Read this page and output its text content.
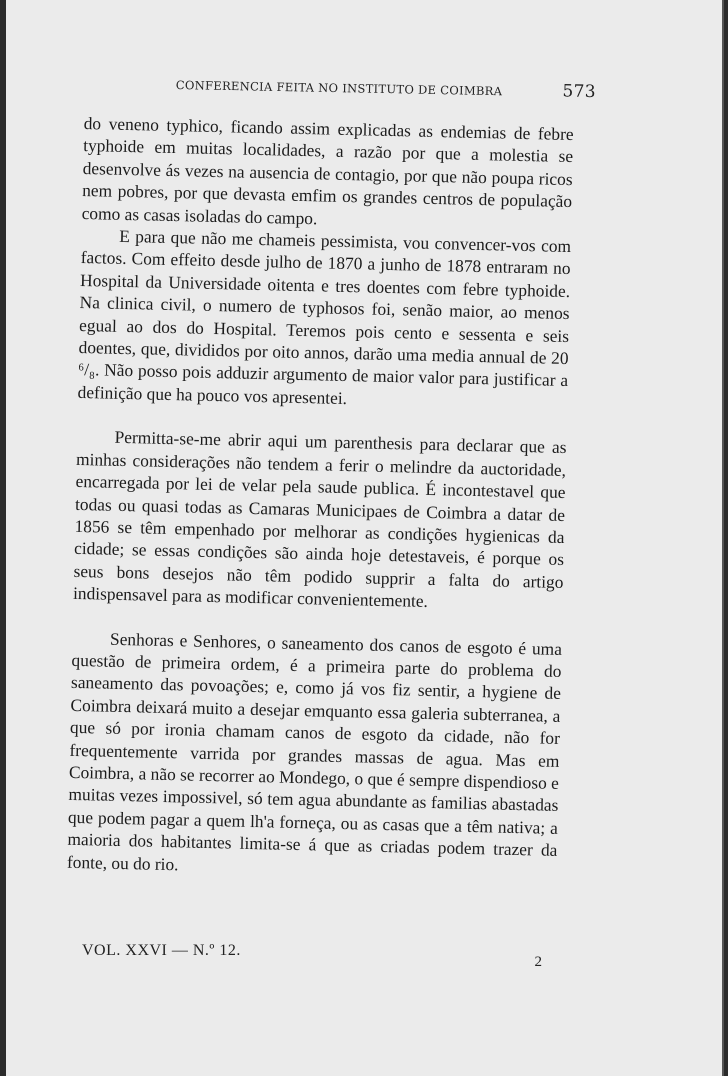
CONFERENCIA FEITA NO INSTITUTO DE COIMBRA	573

do veneno typhico, ficando assim explicadas as endemias de febre typhoide em muitas localidades, a razão por que a molestia se desenvolve ás vezes na ausencia de contagio, por que não poupa ricos nem pobres, por que devasta emfim os grandes centros de população como as casas isoladas do campo.

E para que não me chameis pessimista, vou convencer-vos com factos. Com effeito desde julho de 1870 a junho de 1878 entraram no Hospital da Universidade oitenta e tres doentes com febre typhoide. Na clinica civil, o numero de typhosos foi, senão maior, ao menos egual ao dos do Hospital. Teremos pois cento e sessenta e seis doentes, que, divididos por oito annos, darão uma media annual de 20 ⁶/₈. Não posso pois adduzir argumento de maior valor para justificar a definição que ha pouco vos apresentei.

Permitta-se-me abrir aqui um parenthesis para declarar que as minhas considerações não tendem a ferir o melindre da auctoridade, encarregada por lei de velar pela saude publica. É incontestavel que todas ou quasi todas as Camaras Municipaes de Coimbra a datar de 1856 se têm empenhado por melhorar as condições hygienicas da cidade; se essas condições são ainda hoje detestaveis, é porque os seus bons desejos não têm podido supprir a falta do artigo indispensavel para as modificar convenientemente.

Senhoras e Senhores, o saneamento dos canos de esgoto é uma questão de primeira ordem, é a primeira parte do problema do saneamento das povoações; e, como já vos fiz sentir, a hygiene de Coimbra deixará muito a desejar emquanto essa galeria subterranea, a que só por ironia chamam canos de esgoto da cidade, não for frequentemente varrida por grandes massas de agua. Mas em Coimbra, a não se recorrer ao Mondego, o que é sempre dispendioso e muitas vezes impossivel, só tem agua abundante as familias abastadas que podem pagar a quem lh'a forneça, ou as casas que a têm nativa; a maioria dos habitantes limita-se á que as criadas podem trazer da fonte, ou do rio.

VOL. XXVI — N.º 12.
2
